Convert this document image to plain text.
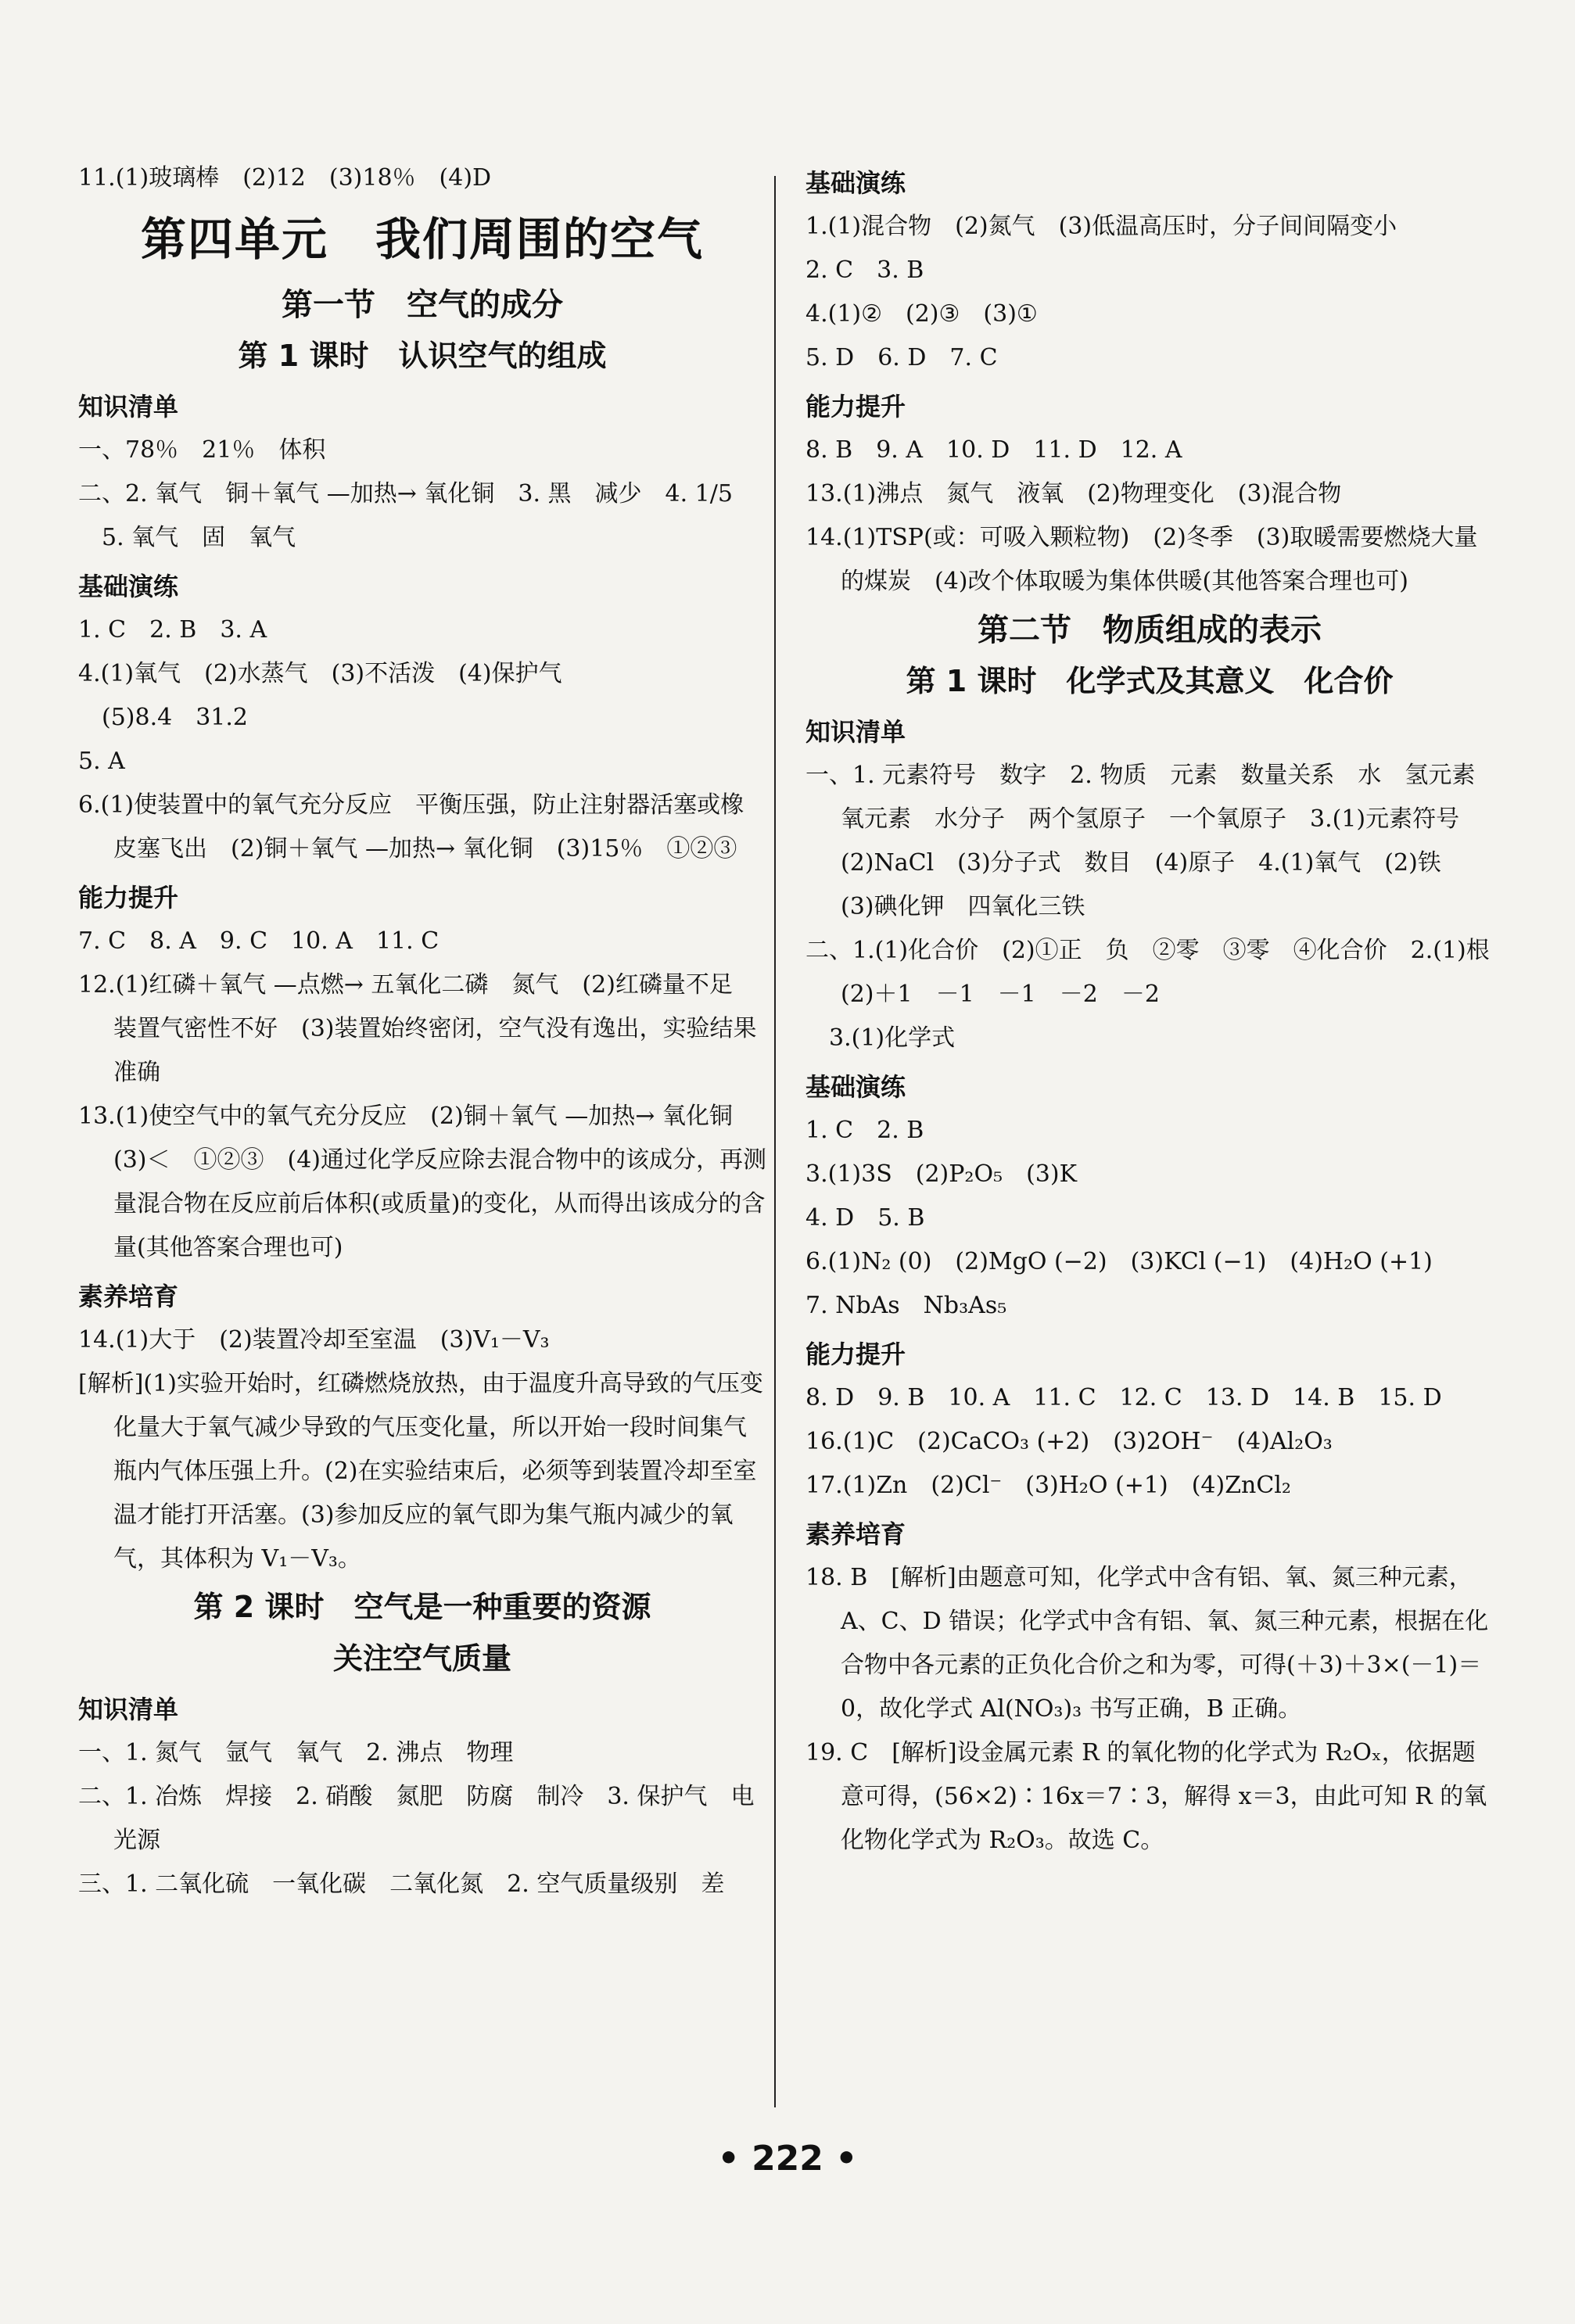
11.(1)玻璃棒　(2)12　(3)18％　(4)D
第四单元　我们周围的空气
第一节　空气的成分
第 1 课时　认识空气的组成
知识清单
一、78％　21％　体积
二、2. 氧气　铜＋氧气 —加热→ 氧化铜　3. 黑　减少　4. 1/5
　5. 氧气　固　氧气
基础演练
1. C　2. B　3. A
4.(1)氧气　(2)水蒸气　(3)不活泼　(4)保护气
　(5)8.4　31.2
5. A
6.(1)使装置中的氧气充分反应　平衡压强，防止注射器活塞或橡皮塞飞出　(2)铜＋氧气 —加热→ 氧化铜　(3)15％　①②③
能力提升
7. C　8. A　9. C　10. A　11. C
12.(1)红磷＋氧气 —点燃→ 五氧化二磷　氮气　(2)红磷量不足　装置气密性不好　(3)装置始终密闭，空气没有逸出，实验结果准确
13.(1)使空气中的氧气充分反应　(2)铜＋氧气 —加热→ 氧化铜　(3)＜　①②③　(4)通过化学反应除去混合物中的该成分，再测量混合物在反应前后体积(或质量)的变化，从而得出该成分的含量(其他答案合理也可)
素养培育
14.(1)大于　(2)装置冷却至室温　(3)V₁－V₃
[解析](1)实验开始时，红磷燃烧放热，由于温度升高导致的气压变化量大于氧气减少导致的气压变化量，所以开始一段时间集气瓶内气体压强上升。(2)在实验结束后，必须等到装置冷却至室温才能打开活塞。(3)参加反应的氧气即为集气瓶内减少的氧气，其体积为 V₁－V₃。
第 2 课时　空气是一种重要的资源
关注空气质量
知识清单
一、1. 氮气　氩气　氧气　2. 沸点　物理
二、1. 冶炼　焊接　2. 硝酸　氮肥　防腐　制冷　3. 保护气　电光源
三、1. 二氧化硫　一氧化碳　二氧化氮　2. 空气质量级别　差
基础演练
1.(1)混合物　(2)氮气　(3)低温高压时，分子间间隔变小
2. C　3. B
4.(1)②　(2)③　(3)①
5. D　6. D　7. C
能力提升
8. B　9. A　10. D　11. D　12. A
13.(1)沸点　氮气　液氧　(2)物理变化　(3)混合物
14.(1)TSP(或：可吸入颗粒物)　(2)冬季　(3)取暖需要燃烧大量的煤炭　(4)改个体取暖为集体供暖(其他答案合理也可)
第二节　物质组成的表示
第 1 课时　化学式及其意义　化合价
知识清单
一、1. 元素符号　数字　2. 物质　元素　数量关系　水　氢元素　氧元素　水分子　两个氢原子　一个氧原子　3.(1)元素符号　(2)NaCl　(3)分子式　数目　(4)原子　4.(1)氧气　(2)铁　(3)碘化钾　四氧化三铁
二、1.(1)化合价　(2)①正　负　②零　③零　④化合价　2.(1)根　(2)＋1　－1　－1　－2　－2
　3.(1)化学式
基础演练
1. C　2. B
3.(1)3S　(2)P₂O₅　(3)K
4. D　5. B
6.(1)N₂ (0)　(2)MgO (−2)　(3)KCl (−1)　(4)H₂O (+1)
7. NbAs　Nb₃As₅
能力提升
8. D　9. B　10. A　11. C　12. C　13. D　14. B　15. D
16.(1)C　(2)CaCO₃ (+2)　(3)2OH⁻　(4)Al₂O₃
17.(1)Zn　(2)Cl⁻　(3)H₂O (+1)　(4)ZnCl₂
素养培育
18. B　[解析]由题意可知，化学式中含有铝、氧、氮三种元素，A、C、D 错误；化学式中含有铝、氧、氮三种元素，根据在化合物中各元素的正负化合价之和为零，可得(＋3)＋3×(－1)＝0，故化学式 Al(NO₃)₃ 书写正确，B 正确。
19. C　[解析]设金属元素 R 的氧化物的化学式为 R₂Oₓ，依据题意可得，(56×2)∶16x＝7∶3，解得 x＝3，由此可知 R 的氧化物化学式为 R₂O₃。故选 C。
• 222 •
